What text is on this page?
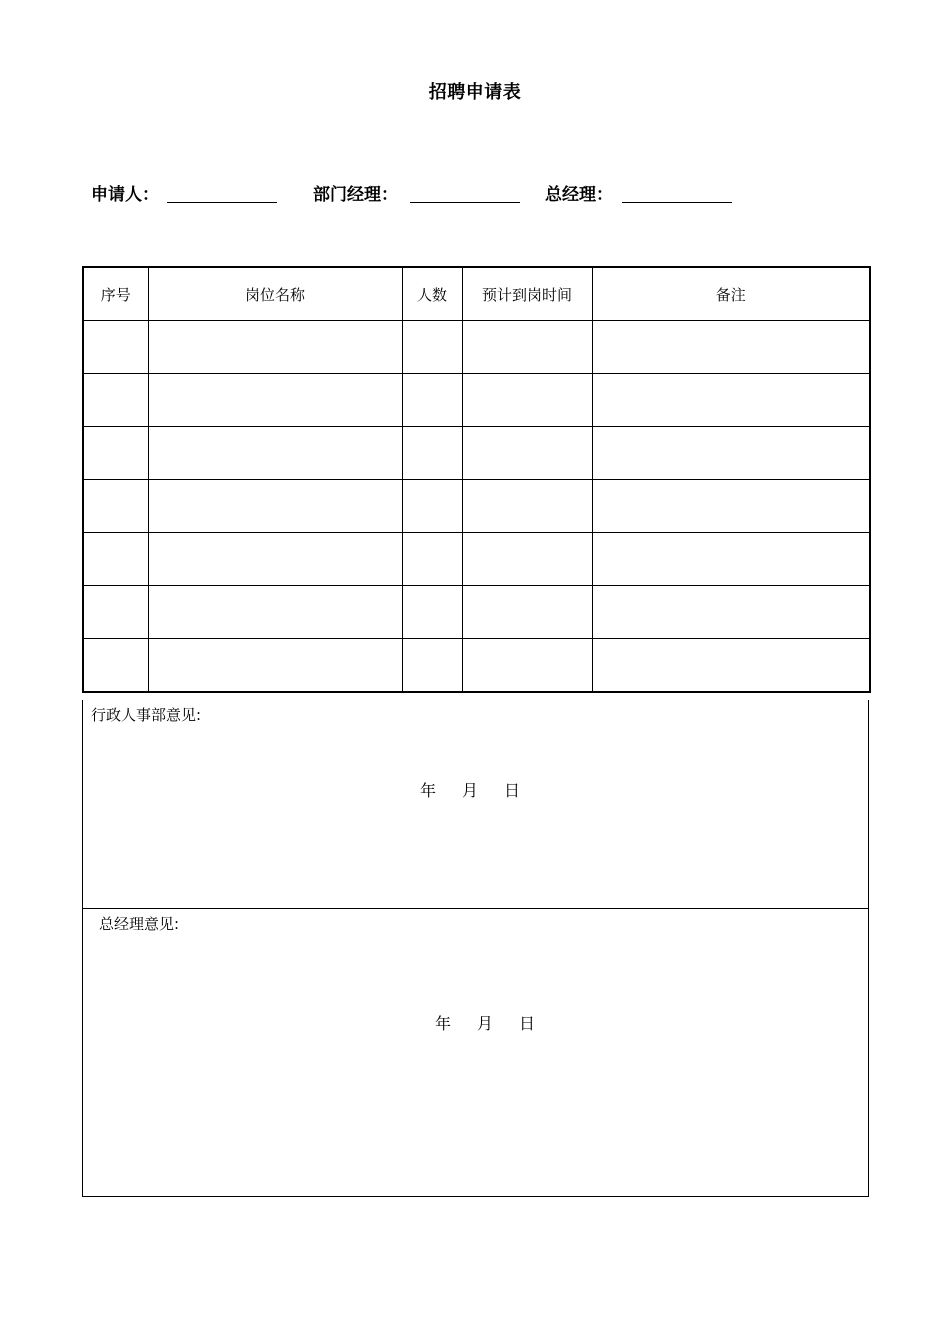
招聘申请表
申请人：	部门经理：	总经理：
序号	岗位名称	人数	预计到岗时间	备注

行政人事部意见:
年 月 日
总经理意见:
年 月 日
